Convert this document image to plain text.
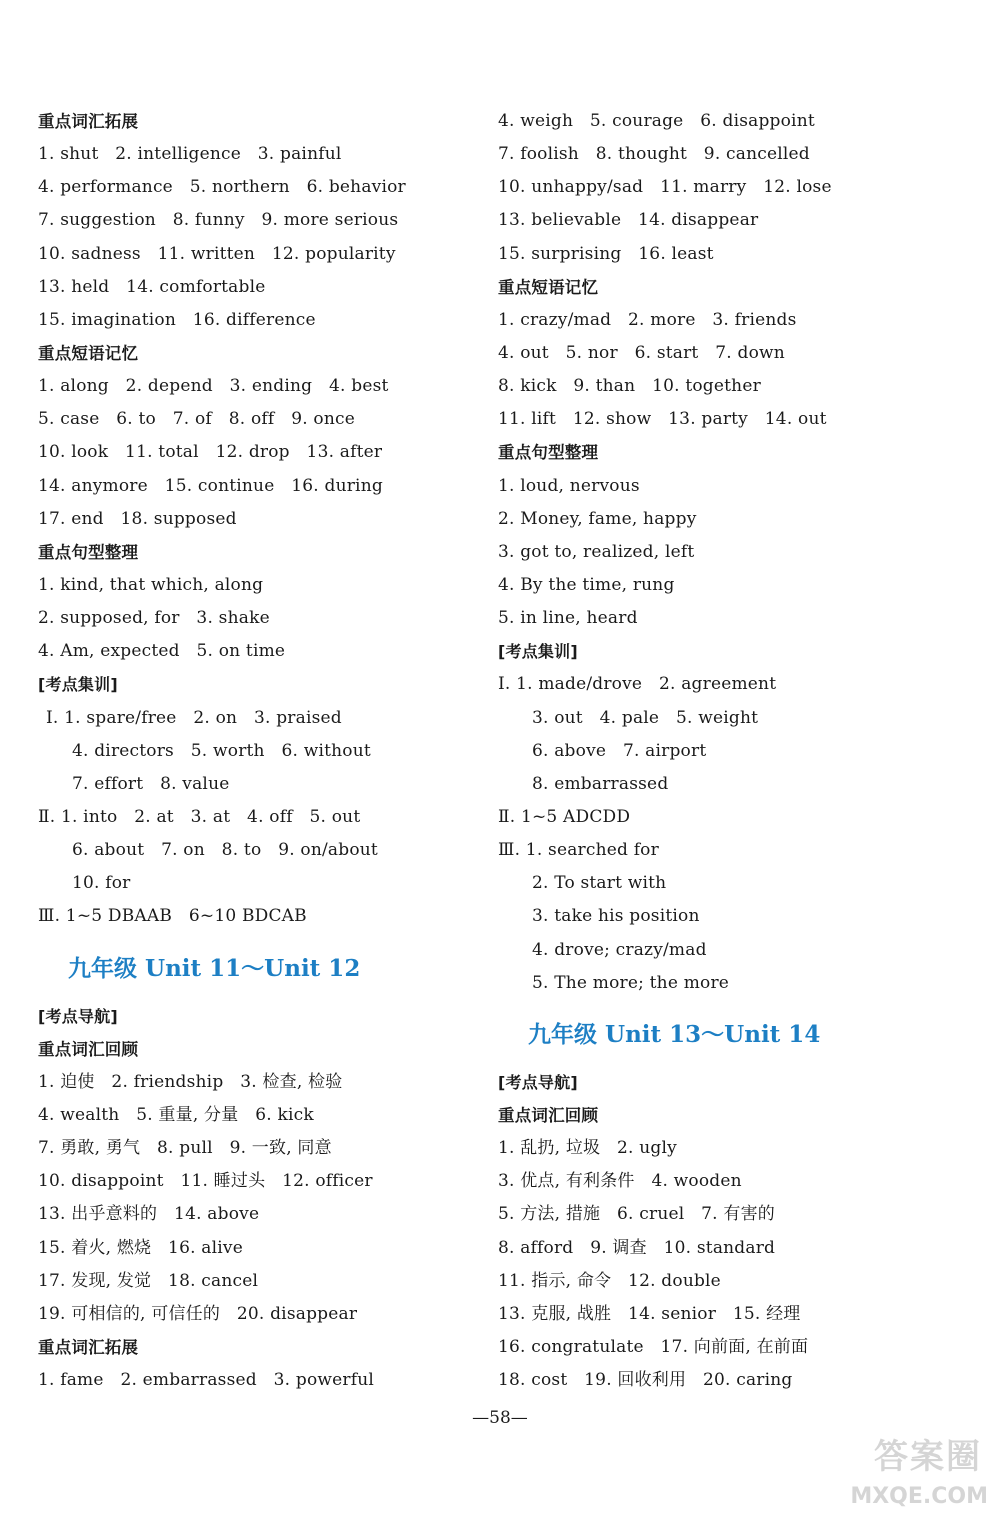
重点词汇拓展
1. shut   2. intelligence   3. painful
4. performance   5. northern   6. behavior
7. suggestion   8. funny   9. more serious
10. sadness   11. written   12. popularity
13. held   14. comfortable
15. imagination   16. difference
重点短语记忆
1. along   2. depend   3. ending   4. best
5. case   6. to   7. of   8. off   9. once
10. look   11. total   12. drop   13. after
14. anymore   15. continue   16. during
17. end   18. supposed
重点句型整理
1. kind, that which, along
2. supposed, for   3. shake
4. Am, expected   5. on time
[考点集训]
Ⅰ. 1. spare/free   2. on   3. praised
4. directors   5. worth   6. without
7. effort   8. value
Ⅱ. 1. into   2. at   3. at   4. off   5. out
6. about   7. on   8. to   9. on/about
10. for
Ⅲ. 1~5 DBAAB   6~10 BDCAB
九年级 Unit 11～Unit 12
[考点导航]
重点词汇回顾
1. 迫使   2. friendship   3. 检查, 检验
4. wealth   5. 重量, 分量   6. kick
7. 勇敢, 勇气   8. pull   9. 一致, 同意
10. disappoint   11. 睡过头   12. officer
13. 出乎意料的   14. above
15. 着火, 燃烧   16. alive
17. 发现, 发觉   18. cancel
19. 可相信的, 可信任的   20. disappear
重点词汇拓展
1. fame   2. embarrassed   3. powerful
4. weigh   5. courage   6. disappoint
7. foolish   8. thought   9. cancelled
10. unhappy/sad   11. marry   12. lose
13. believable   14. disappear
15. surprising   16. least
重点短语记忆
1. crazy/mad   2. more   3. friends
4. out   5. nor   6. start   7. down
8. kick   9. than   10. together
11. lift   12. show   13. party   14. out
重点句型整理
1. loud, nervous
2. Money, fame, happy
3. got to, realized, left
4. By the time, rung
5. in line, heard
[考点集训]
Ⅰ. 1. made/drove   2. agreement
3. out   4. pale   5. weight
6. above   7. airport
8. embarrassed
Ⅱ. 1~5 ADCDD
Ⅲ. 1. searched for
2. To start with
3. take his position
4. drove; crazy/mad
5. The more; the more
九年级 Unit 13～Unit 14
[考点导航]
重点词汇回顾
1. 乱扔, 垃圾   2. ugly
3. 优点, 有利条件   4. wooden
5. 方法, 措施   6. cruel   7. 有害的
8. afford   9. 调查   10. standard
11. 指示, 命令   12. double
13. 克服, 战胜   14. senior   15. 经理
16. congratulate   17. 向前面, 在前面
18. cost   19. 回收利用   20. caring
—58—
答案圈
MXQE.COM
